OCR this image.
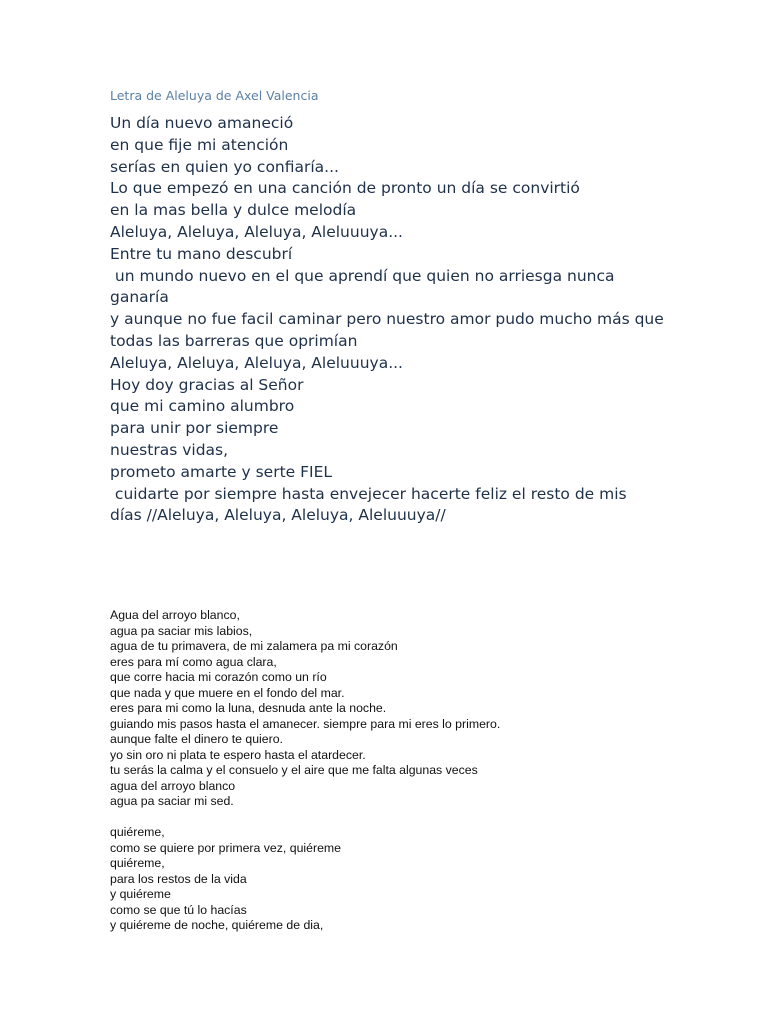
Letra de Aleluya de Axel Valencia
Un día nuevo amaneció
en que fije mi atención
serías en quien yo confiaría...
Lo que empezó en una canción de pronto un día se convirtió
en la mas bella y dulce melodía
Aleluya, Aleluya, Aleluya, Aleluuuya...
Entre tu mano descubrí
un mundo nuevo en el que aprendí que quien no arriesga nunca
ganaría
y aunque no fue facil caminar pero nuestro amor pudo mucho más que
todas las barreras que oprimían
Aleluya, Aleluya, Aleluya, Aleluuuya...
Hoy doy gracias al Señor
que mi camino alumbro
para unir por siempre
nuestras vidas,
prometo amarte y serte FIEL
cuidarte por siempre hasta envejecer hacerte feliz el resto de mis
días //Aleluya, Aleluya, Aleluya, Aleluuuya//
Agua del arroyo blanco,
agua pa saciar mis labios,
agua de tu primavera, de mi zalamera pa mi corazón
eres para mí como agua clara,
que corre hacia mi corazón como un río
que nada y que muere en el fondo del mar.
eres para mi como la luna, desnuda ante la noche.
guiando mis pasos hasta el amanecer. siempre para mi eres lo primero.
aunque falte el dinero te quiero.
yo sin oro ni plata te espero hasta el atardecer.
tu serás la calma y el consuelo y el aire que me falta algunas veces
agua del arroyo blanco
agua pa saciar mi sed.
quiéreme,
como se quiere por primera vez, quiéreme
quiéreme,
para los restos de la vida
y quiéreme
como se que tú lo hacías
y quiéreme de noche, quiéreme de dia,
